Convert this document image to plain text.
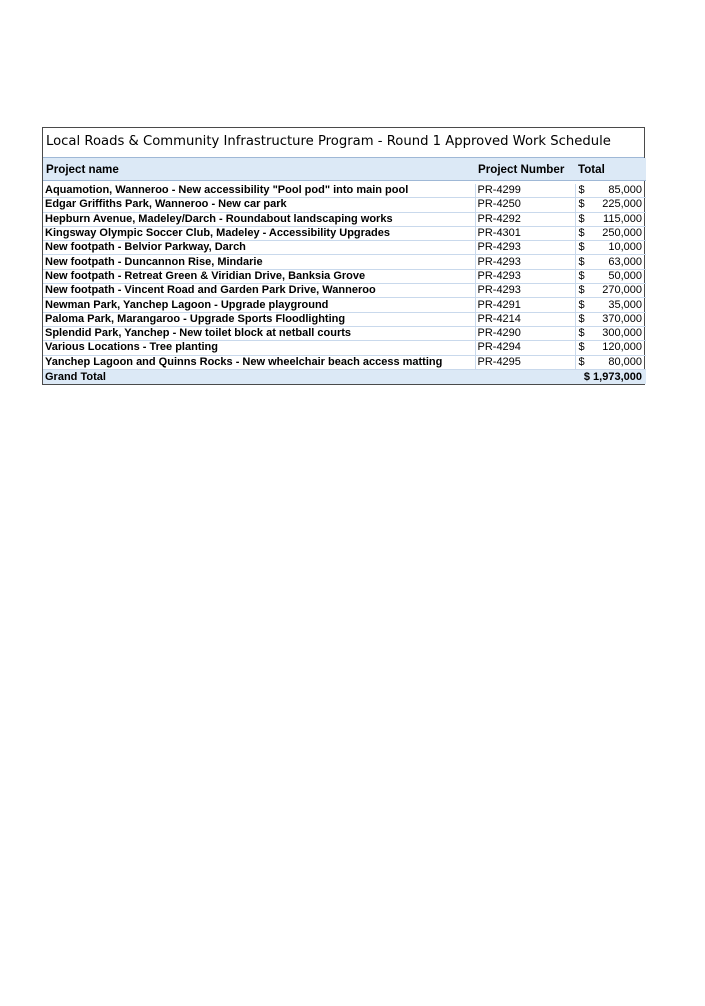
Local Roads & Community Infrastructure Program - Round 1 Approved Work Schedule
Project name	Project Number	Total	

Aquamotion, Wanneroo - New accessibility "Pool pod" into main pool	PR-4299	$	85,000
Edgar Griffiths Park, Wanneroo - New car park	PR-4250	$	225,000
Hepburn Avenue, Madeley/Darch - Roundabout landscaping works	PR-4292	$	115,000
Kingsway Olympic Soccer Club, Madeley - Accessibility Upgrades	PR-4301	$	250,000
New footpath - Belvior Parkway, Darch	PR-4293	$	10,000
New footpath - Duncannon Rise, Mindarie	PR-4293	$	63,000
New footpath - Retreat Green & Viridian Drive, Banksia Grove	PR-4293	$	50,000
New footpath - Vincent Road and Garden Park Drive, Wanneroo	PR-4293	$	270,000
Newman Park, Yanchep Lagoon - Upgrade playground	PR-4291	$	35,000
Paloma Park, Marangaroo - Upgrade Sports Floodlighting	PR-4214	$	370,000
Splendid Park, Yanchep - New toilet block at netball courts	PR-4290	$	300,000
Various Locations - Tree planting	PR-4294	$	120,000
Yanchep Lagoon and Quinns Rocks - New wheelchair beach access matting	PR-4295	$	80,000
Grand Total		$ 1,973,000	
